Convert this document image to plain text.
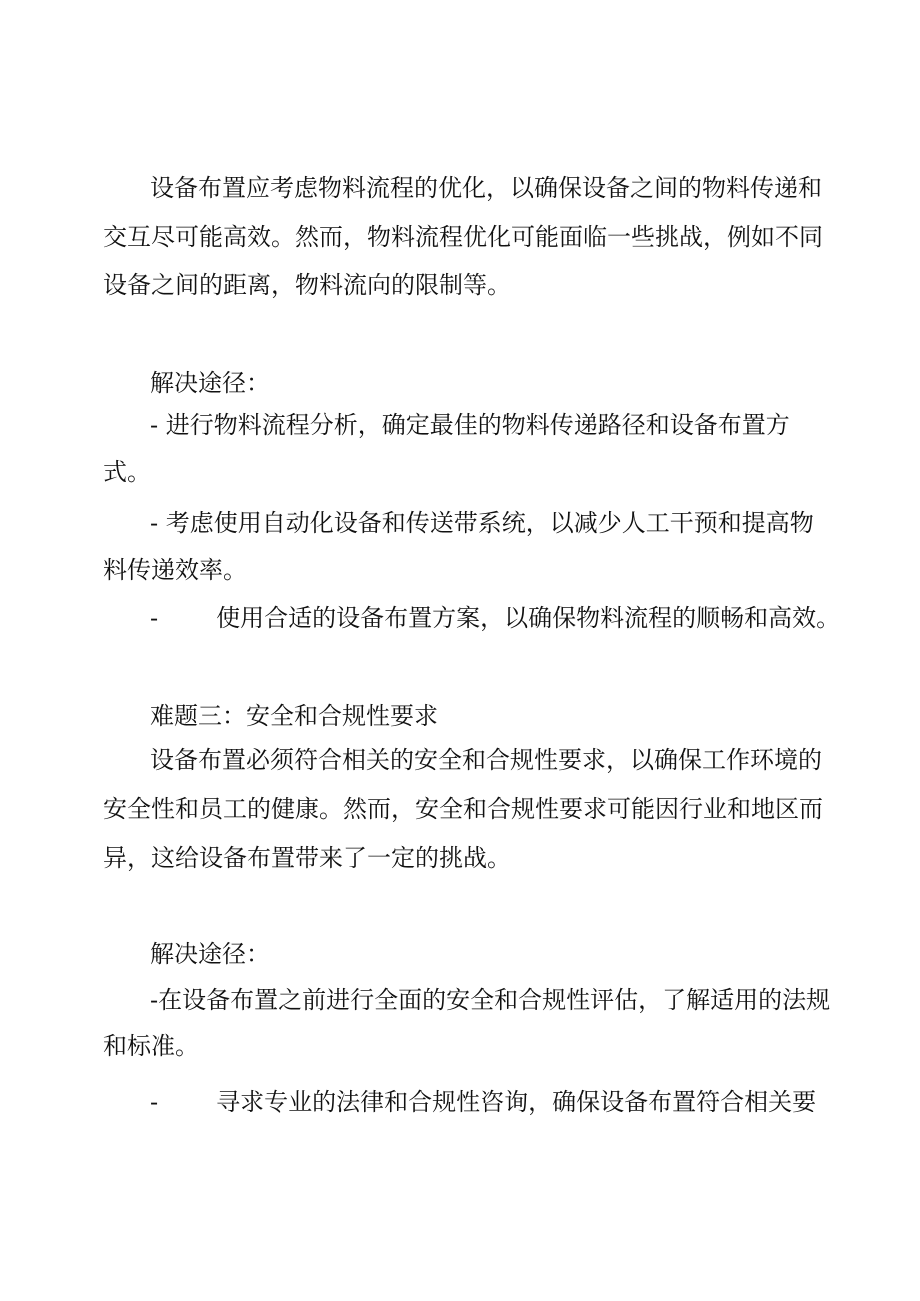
设备布置应考虑物料流程的优化，以确保设备之间的物料传递和
交互尽可能高效。然而，物料流程优化可能面临一些挑战，例如不同
设备之间的距离，物料流向的限制等。
解决途径：
- 进行物料流程分析，确定最佳的物料传递路径和设备布置方
式。
- 考虑使用自动化设备和传送带系统，以减少人工干预和提高物
料传递效率。
- 使用合适的设备布置方案，以确保物料流程的顺畅和高效。
难题三：安全和合规性要求
设备布置必须符合相关的安全和合规性要求，以确保工作环境的
安全性和员工的健康。然而，安全和合规性要求可能因行业和地区而
异，这给设备布置带来了一定的挑战。
解决途径：
-在设备布置之前进行全面的安全和合规性评估，了解适用的法规
和标准。
- 寻求专业的法律和合规性咨询，确保设备布置符合相关要
